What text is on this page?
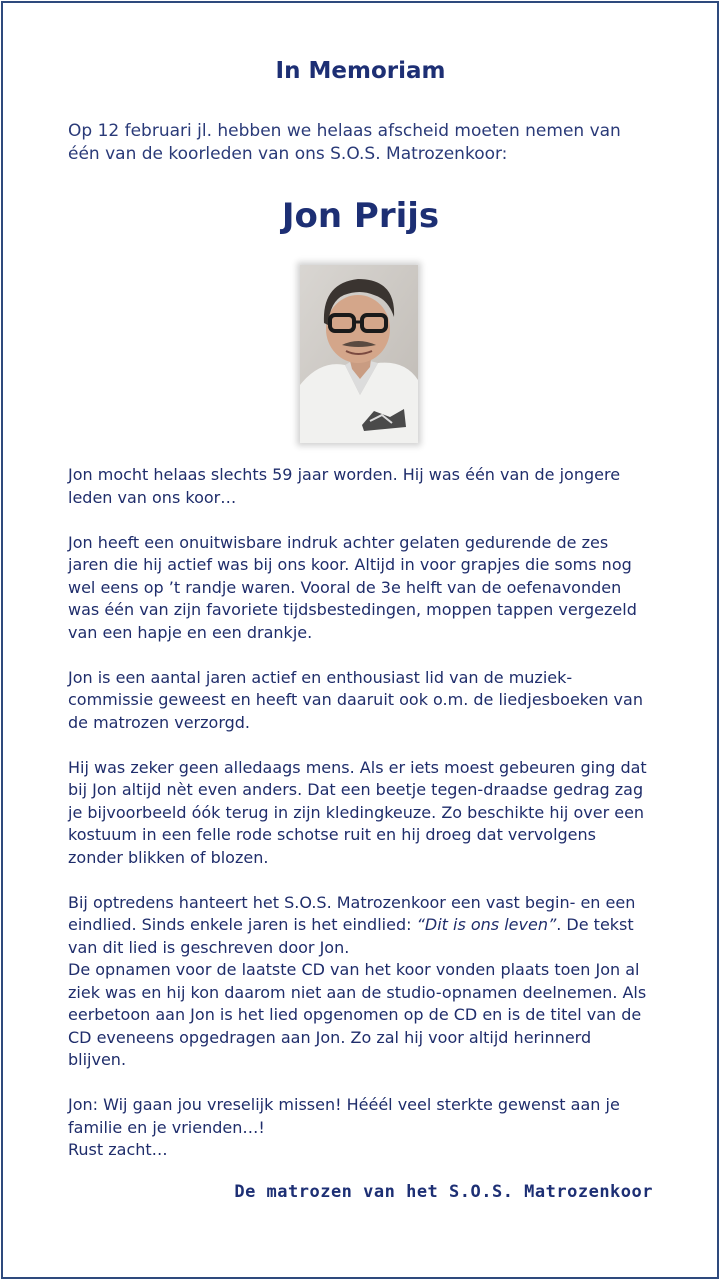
In Memoriam
Op 12 februari jl. hebben we helaas afscheid moeten nemen van één van de koorleden van ons S.O.S. Matrozenkoor:
Jon Prijs

Jon mocht helaas slechts 59 jaar worden. Hij was één van de jongere leden van ons koor…

Jon heeft een onuitwisbare indruk achter gelaten gedurende de zes jaren die hij actief was bij ons koor. Altijd in voor grapjes die soms nog wel eens op ’t randje waren. Vooral de 3e helft van de oefenavonden was één van zijn favoriete tijdsbestedingen, moppen tappen vergezeld van een hapje en een drankje.

Jon is een aantal jaren actief en enthousiast lid van de muziek-commissie geweest en heeft van daaruit ook o.m. de liedjesboeken van de matrozen verzorgd.

Hij was zeker geen alledaags mens. Als er iets moest gebeuren ging dat bij Jon altijd nèt even anders. Dat een beetje tegen-draadse gedrag zag je bijvoorbeeld óók terug in zijn kledingkeuze. Zo beschikte hij over een kostuum in een felle rode schotse ruit en hij droeg dat vervolgens zonder blikken of blozen.

Bij optredens hanteert het S.O.S. Matrozenkoor een vast begin- en een eindlied. Sinds enkele jaren is het eindlied: “Dit is ons leven”. De tekst van dit lied is geschreven door Jon.
De opnamen voor de laatste CD van het koor vonden plaats toen Jon al ziek was en hij kon daarom niet aan de studio-opnamen deelnemen. Als eerbetoon aan Jon is het lied opgenomen op de CD en is de titel van de CD eveneens opgedragen aan Jon. Zo zal hij voor altijd herinnerd blijven.

Jon: Wij gaan jou vreselijk missen! Hééél veel sterkte gewenst aan je familie en je vrienden…!
Rust zacht…

De matrozen van het S.O.S. Matrozenkoor
